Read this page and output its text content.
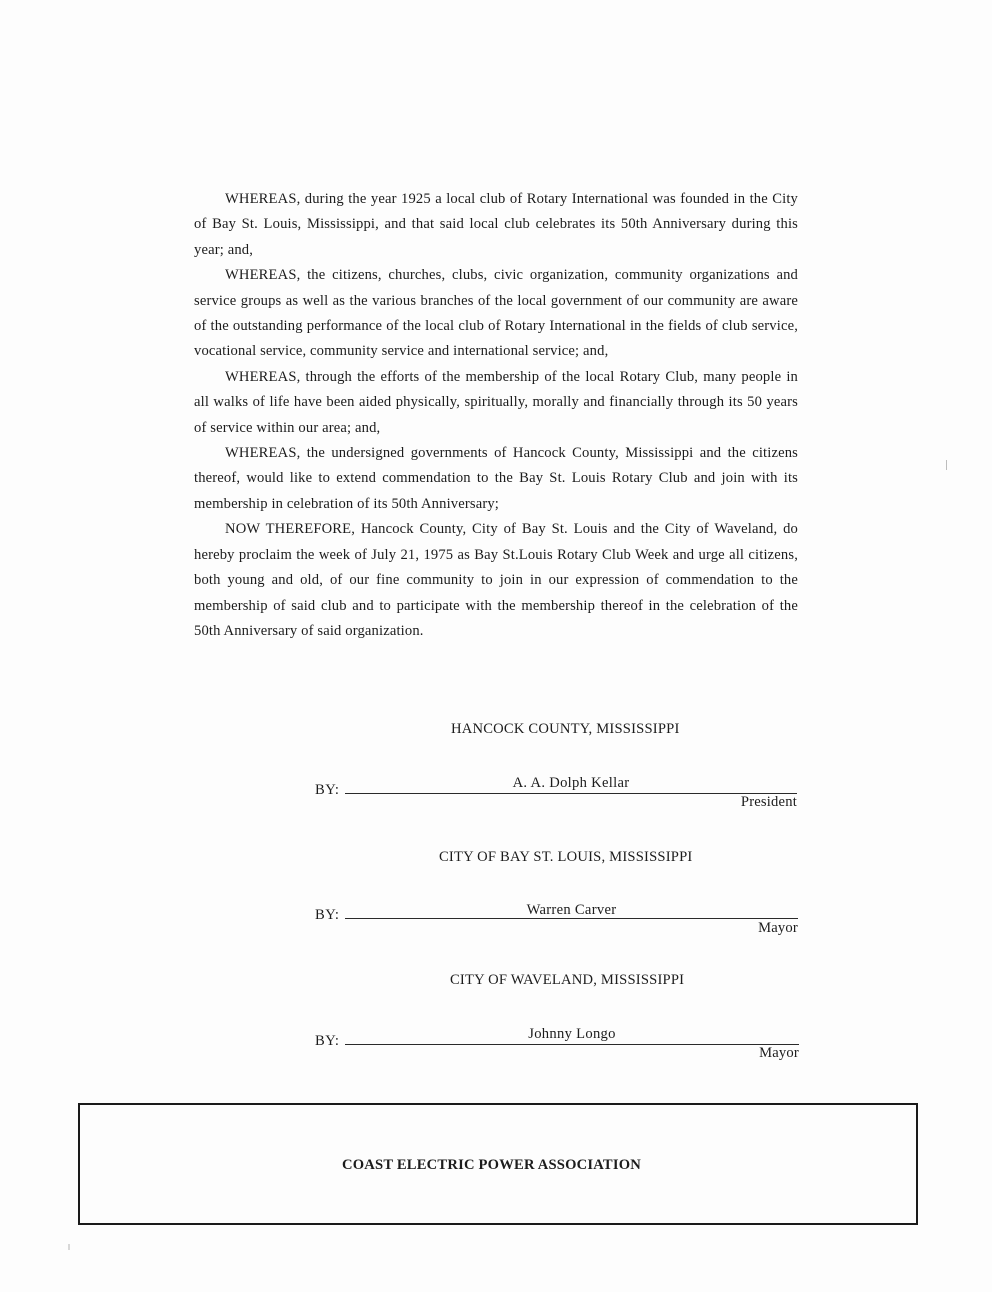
WHEREAS, during the year 1925 a local club of Rotary International was founded in the City of Bay St. Louis, Mississippi, and that said local club celebrates its 50th Anniversary during this year; and,

WHEREAS, the citizens, churches, clubs, civic organization, community organizations and service groups as well as the various branches of the local government of our community are aware of the outstanding performance of the local club of Rotary International in the fields of club service, vocational service, community service and international service; and,

WHEREAS, through the efforts of the membership of the local Rotary Club, many people in all walks of life have been aided physically, spiritually, morally and financially through its 50 years of service within our area; and,

WHEREAS, the undersigned governments of Hancock County, Mississippi and the citizens thereof, would like to extend commendation to the Bay St. Louis Rotary Club and join with its membership in celebration of its 50th Anniversary;

NOW THEREFORE, Hancock County, City of Bay St. Louis and the City of Waveland, do hereby proclaim the week of July 21, 1975 as Bay St.Louis Rotary Club Week and urge all citizens, both young and old, of our fine community to join in our expression of commendation to the membership of said club and to participate with the membership thereof in the celebration of the 50th Anniversary of said organization.

HANCOCK COUNTY, MISSISSIPPI
BY:	A. A. Dolph Kellar
President
CITY OF BAY ST. LOUIS, MISSISSIPPI
BY:	Warren Carver
Mayor
CITY OF WAVELAND, MISSISSIPPI
BY:	Johnny Longo
Mayor
COAST ELECTRIC POWER ASSOCIATION
